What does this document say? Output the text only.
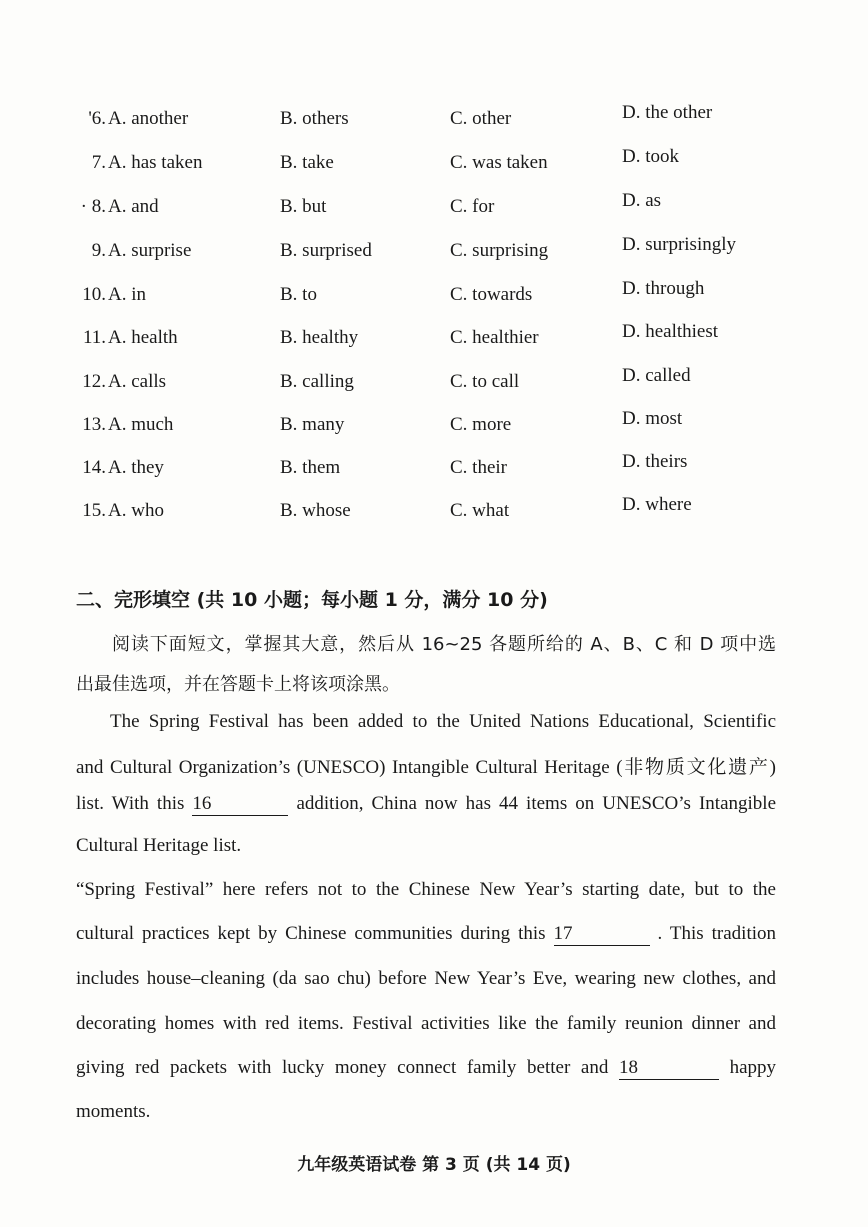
'6. A. another	B. others	C. other	D. the other
7. A. has taken	B. take	C. was taken	D. took
· 8. A. and	B. but	C. for	D. as
9. A. surprise	B. surprised	C. surprising	D. surprisingly
10. A. in	B. to	C. towards	D. through
11. A. health	B. healthy	C. healthier	D. healthiest
12. A. calls	B. calling	C. to call	D. called
13. A. much	B. many	C. more	D. most
14. A. they	B. them	C. their	D. theirs
15. A. who	B. whose	C. what	D. where
二、完形填空 (共 10 小题；每小题 1 分，满分 10 分)
阅读下面短文，掌握其大意，然后从 16~25 各题所给的 A、B、C 和 D 项中选
出最佳选项，并在答题卡上将该项涂黑。
The Spring Festival has been added to the United Nations Educational, Scientific
and Cultural Organization’s (UNESCO) Intangible Cultural Heritage (非物质文化遗产)
list. With this 16	addition, China now has 44 items on UNESCO’s Intangible
Cultural Heritage list.
“Spring Festival” here refers not to the Chinese New Year’s starting date, but to the
cultural practices kept by Chinese communities during this 17	. This tradition
includes house–cleaning (da sao chu) before New Year’s Eve, wearing new clothes, and
decorating homes with red items. Festival activities like the family reunion dinner and
giving red packets with lucky money connect family better and 18	happy
moments.
九年级英语试卷 第 3 页 (共 14 页)
